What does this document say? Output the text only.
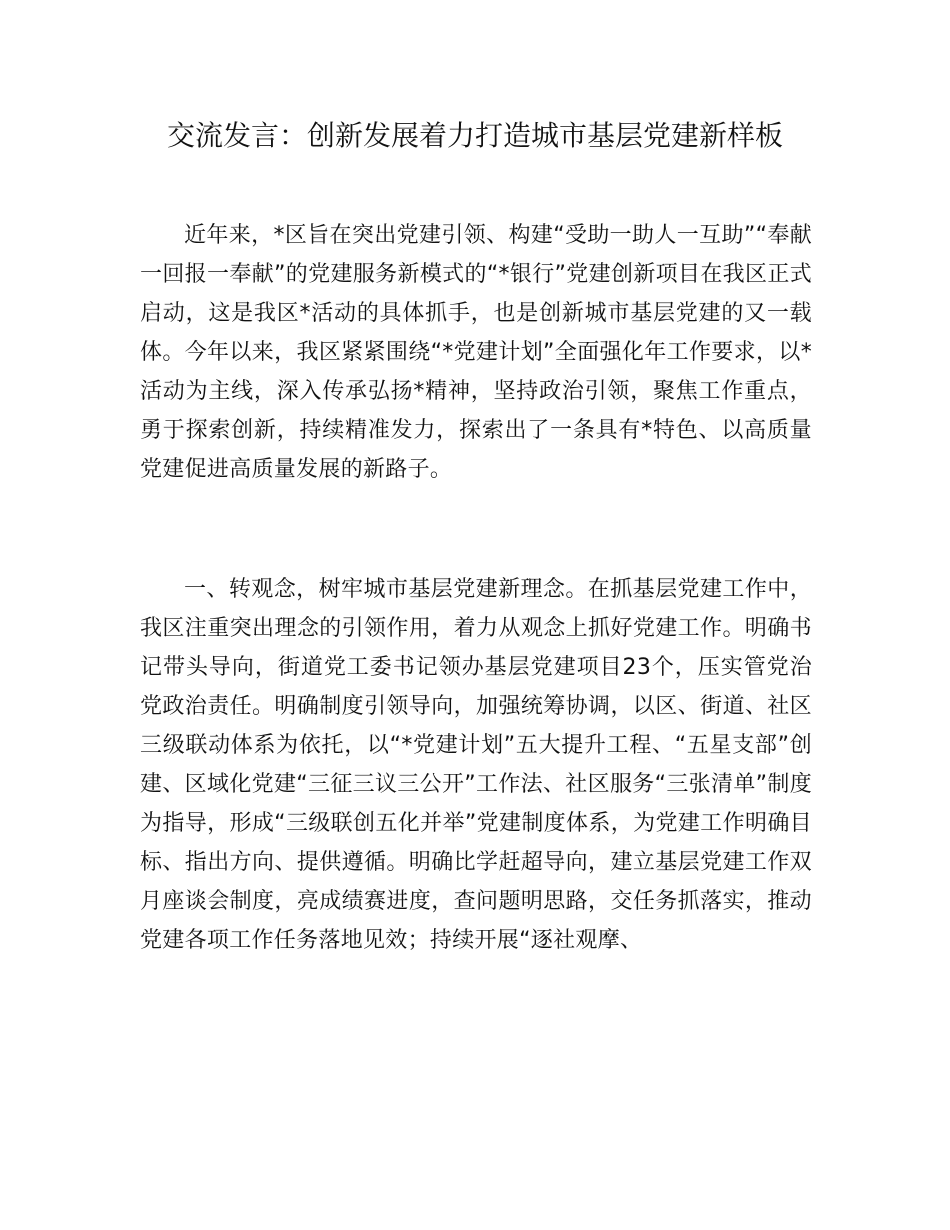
交流发言：创新发展着力打造城市基层党建新样板

近年来，*区旨在突出党建引领、构建“受助一助人一互助”“奉献一回报一奉献”的党建服务新模式的“*银行”党建创新项目在我区正式启动，这是我区*活动的具体抓手，也是创新城市基层党建的又一载体。今年以来，我区紧紧围绕“*党建计划”全面强化年工作要求，以*活动为主线，深入传承弘扬*精神，坚持政治引领，聚焦工作重点，勇于探索创新，持续精准发力，探索出了一条具有*特色、以高质量党建促进高质量发展的新路子。

一、转观念，树牢城市基层党建新理念。在抓基层党建工作中，我区注重突出理念的引领作用，着力从观念上抓好党建工作。明确书记带头导向，街道党工委书记领办基层党建项目23个，压实管党治党政治责任。明确制度引领导向，加强统筹协调，以区、街道、社区三级联动体系为依托，以“*党建计划”五大提升工程、“五星支部”创建、区域化党建“三征三议三公开”工作法、社区服务“三张清单”制度为指导，形成“三级联创五化并举”党建制度体系，为党建工作明确目标、指出方向、提供遵循。明确比学赶超导向，建立基层党建工作双月座谈会制度，亮成绩赛进度，查问题明思路，交任务抓落实，推动党建各项工作任务落地见效；持续开展“逐社观摩、
